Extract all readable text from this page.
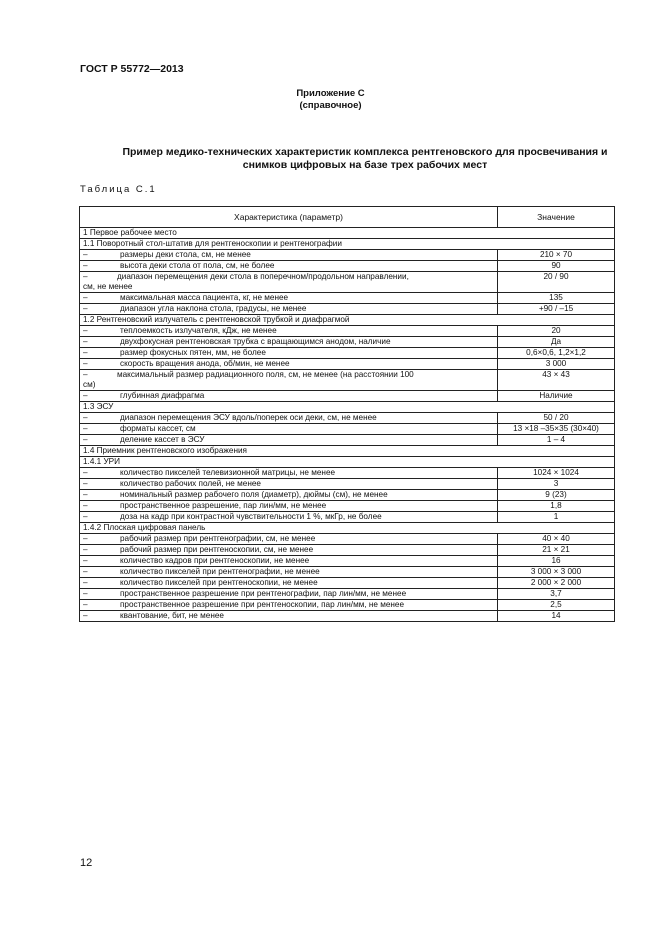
ГОСТ Р 55772—2013
Приложение С
(справочное)
Пример медико-технических характеристик комплекса рентгеновского для просвечивания и
снимков цифровых на базе трех рабочих мест
Таблица С.1
Характеристика (параметр)		Значение
1 Первое рабочее место		
1.1 Поворотный стол-штатив для рентгеноскопии и рентгенографии		
–	размеры деки стола, см, не менее	210 × 70
–	высота деки стола от пола, см, не более	90

– диапазон перемещения деки стола в поперечном/продольном направлении,
см, не менее		20 / 90
–	максимальная масса пациента, кг, не менее	135
–	диапазон угла наклона стола, градусы, не менее	+90 / –15
1.2 Рентгеновский излучатель с рентгеновской трубкой и диафрагмой		
–	теплоемкость излучателя, кДж, не менее	20
–	двухфокусная рентгеновская трубка с вращающимся анодом, наличие	Да
–	размер фокусных пятен, мм, не более	0,6×0,6, 1,2×1,2
–	скорость вращения анода, об/мин, не менее	3 000

– максимальный размер радиационного поля, см, не менее (на расстоянии 100
см)		43 × 43
–	глубинная диафрагма	Наличие
1.3 ЭСУ		
–	диапазон перемещения ЭСУ вдоль/поперек оси деки, см, не менее	50 / 20
–	форматы кассет, см	13 ×18 –35×35 (30×40)
–	деление кассет в ЭСУ	1 – 4
1.4 Приемник рентгеновского изображения		
1.4.1 УРИ		
–	количество пикселей телевизионной матрицы, не менее	1024 × 1024
–	количество рабочих полей, не менее	3
–	номинальный размер рабочего поля (диаметр), дюймы (см), не менее	9 (23)
–	пространственное разрешение, пар лин/мм, не менее	1,8
–	доза на кадр при контрастной чувствительности 1 %, мкГр, не более	1
1.4.2 Плоская цифровая панель		
–	рабочий размер при рентгенографии, см, не менее	40 × 40
–	рабочий размер при рентгеноскопии, см, не менее	21 × 21
–	количество кадров при рентгеноскопии, не менее	16
–	количество пикселей при рентгенографии, не менее	3 000 × 3 000
–	количество пикселей при рентгеноскопии, не менее	2 000 × 2 000
–	пространственное разрешение при рентгенографии, пар лин/мм, не менее	3,7
–	пространственное разрешение при рентгеноскопии, пар лин/мм, не менее	2,5
–	квантование, бит, не менее	14
12
